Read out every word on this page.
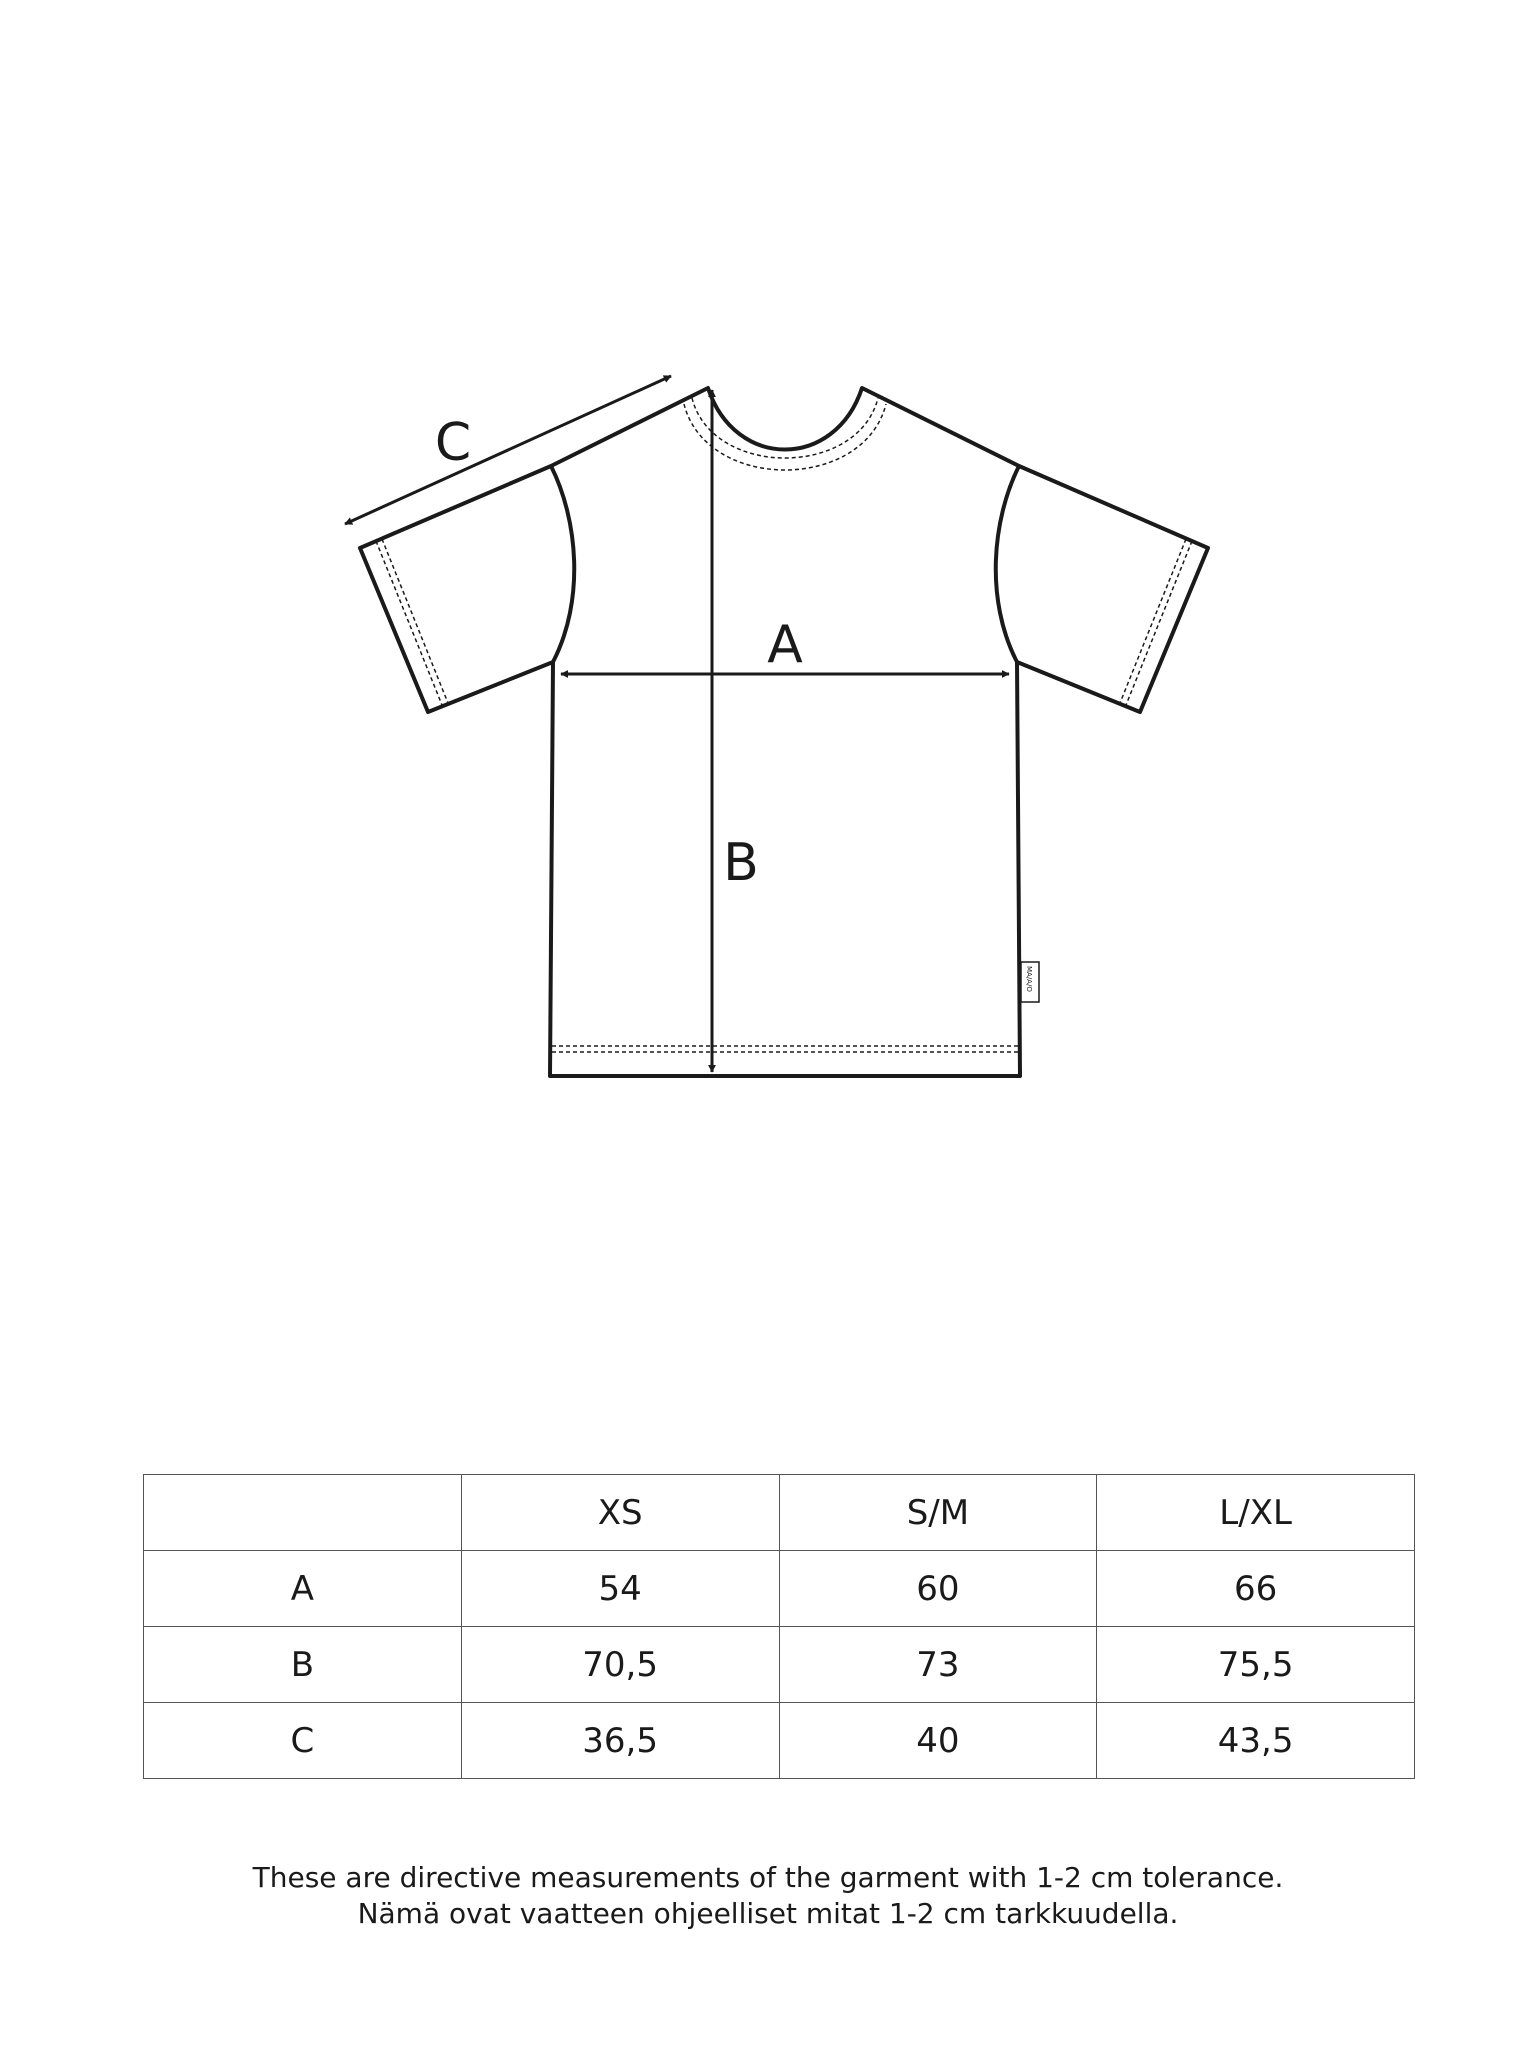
MA/A/O
A
B
C
	XS	S/M	L/XL
A	54	60	66
B	70,5	73	75,5
C	36,5	40	43,5
These are directive measurements of the garment with 1-2 cm tolerance.
Nämä ovat vaatteen ohjeelliset mitat 1-2 cm tarkkuudella.
